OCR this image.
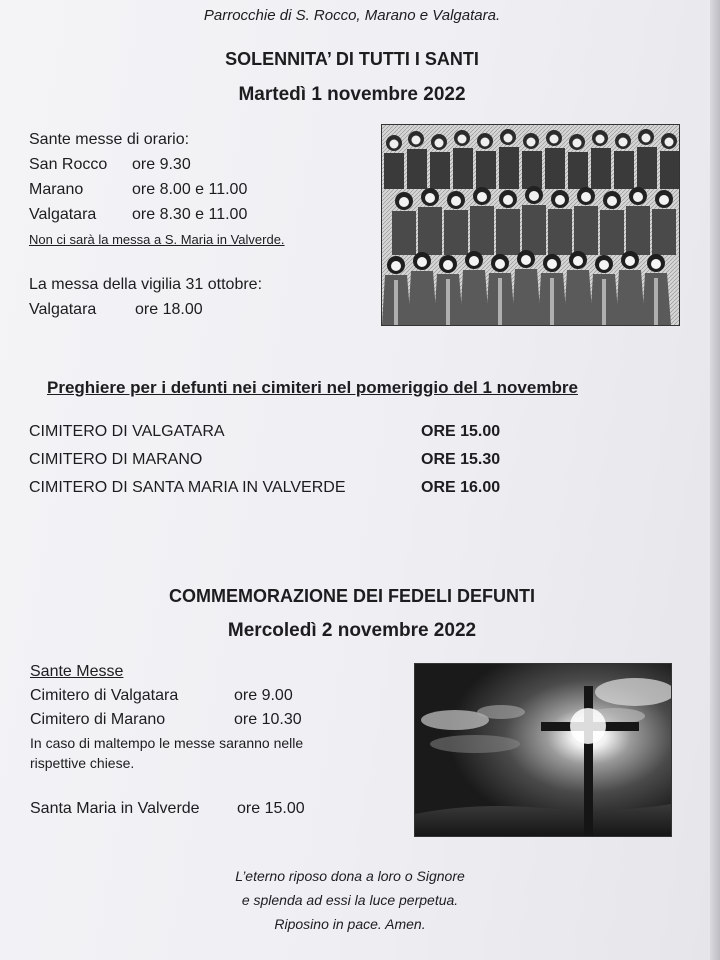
Parrocchie di S. Rocco, Marano e Valgatara.
SOLENNITA’ DI TUTTI I SANTI
Martedì 1 novembre 2022
Sante messe di orario:
San Rocco ore 9.30
Marano	ore 8.00 e 11.00
Valgatara ore 8.30 e 11.00
Non ci sarà la messa a S. Maria in Valverde.
La messa della vigilia 31 ottobre:
Valgatara ore 18.00
Preghiere per i defunti nei cimiteri nel pomeriggio del 1 novembre
CIMITERO DI VALGATARA	ORE 15.00
CIMITERO DI MARANO	ORE 15.30
CIMITERO DI SANTA MARIA IN VALVERDE	ORE 16.00
COMMEMORAZIONE DEI FEDELI DEFUNTI
Mercoledì 2 novembre 2022
Sante Messe
Cimitero di Valgatara	ore 9.00
Cimitero di Marano	ore 10.30
In caso di maltempo le messe saranno nelle
rispettive chiese.
Santa Maria in Valverde ore 15.00
L’eterno riposo dona a loro o Signore
e splenda ad essi la luce perpetua.
Riposino in pace. Amen.
